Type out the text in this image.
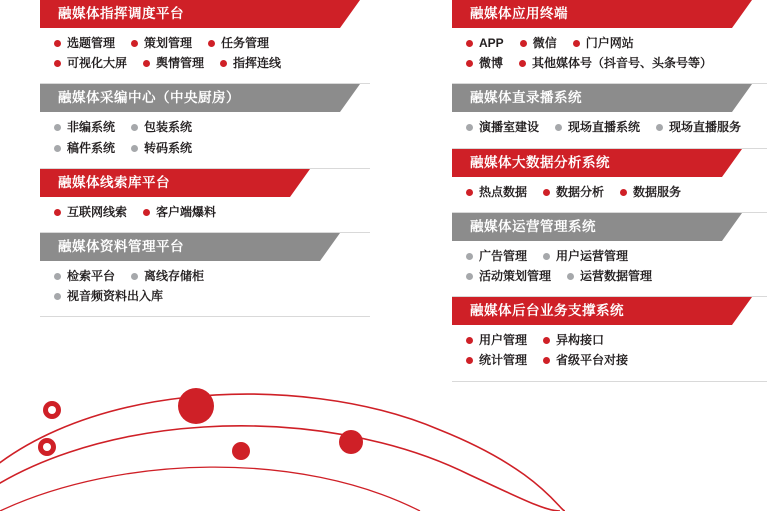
融媒体指挥调度平台
选题管理 策划管理 任务管理
可视化大屏 舆情管理 指挥连线
融媒体采编中心（中央厨房）
非编系统 包装系统
稿件系统 转码系统
融媒体线索库平台
互联网线索 客户端爆料
融媒体资料管理平台
检索平台 离线存储柜
视音频资料出入库
融媒体应用终端
APP 微信 门户网站
微博 其他媒体号（抖音号、头条号等）
融媒体直录播系统
演播室建设 现场直播系统 现场直播服务
融媒体大数据分析系统
热点数据 数据分析 数据服务
融媒体运营管理系统
广告管理 用户运营管理
活动策划管理 运营数据管理
融媒体后台业务支撑系统
用户管理 异构接口
统计管理 省级平台对接
